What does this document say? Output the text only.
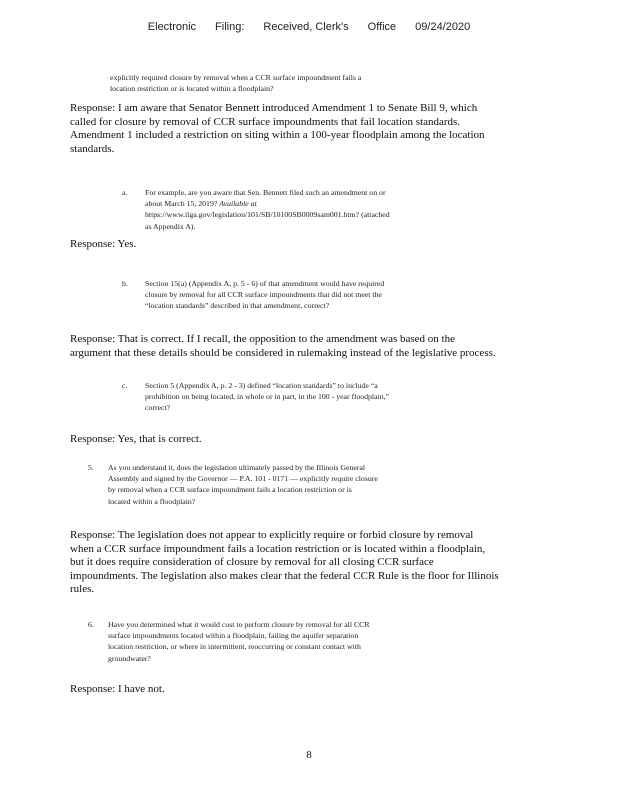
Electronic Filing: Received, Clerk's Office 09/24/2020
explicitly required closure by removal when a CCR surface impoundment fails a
location restriction or is located within a floodplain?
Response: I am aware that Senator Bennett introduced Amendment 1 to Senate Bill 9, which
called for closure by removal of CCR surface impoundments that fail location standards.
Amendment 1 included a restriction on siting within a 100-year floodplain among the location
standards.
a.	For example, are you aware that Sen. Bennett filed such an amendment on or
about March 15, 2019? Available at
https://www.ilga.gov/legislation/101/SB/10100SB0009sam001.htm? (attached
as Appendix A).
Response: Yes.
b.	Section 15(a) (Appendix A, p. 5 - 6) of that amendment would have required
closure by removal for all CCR surface impoundments that did not meet the
“location standards” described in that amendment, correct?
Response: That is correct. If I recall, the opposition to the amendment was based on the
argument that these details should be considered in rulemaking instead of the legislative process.
c.	Section 5 (Appendix A, p. 2 - 3) defined “location standards” to include “a
prohibition on being located, in whole or in part, in the 100 - year floodplain,”
correct?
Response: Yes, that is correct.
5.	As you understand it, does the legislation ultimately passed by the Illinois General
Assembly and signed by the Governor — P.A. 101 - 0171 — explicitly require closure
by removal when a CCR surface impoundment fails a location restriction or is
located within a floodplain?
Response: The legislation does not appear to explicitly require or forbid closure by removal
when a CCR surface impoundment fails a location restriction or is located within a floodplain,
but it does require consideration of closure by removal for all closing CCR surface
impoundments. The legislation also makes clear that the federal CCR Rule is the floor for Illinois
rules.
6.	Have you determined what it would cost to perform closure by removal for all CCR
surface impoundments located within a floodplain, failing the aquifer separation
location restriction, or where in intermittent, reoccurring or constant contact with
groundwater?
Response: I have not.
8
